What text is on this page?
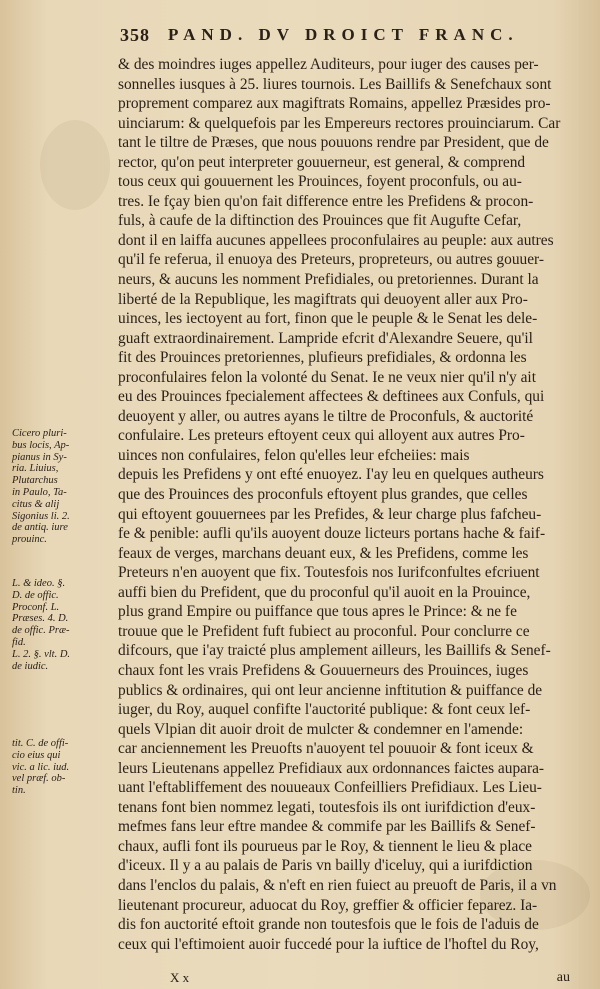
358 PAND. DV DROICT FRANC.
& des moindres iuges appellez Auditeurs, pour iuger des causes per-
sonnelles iusques à 25. liures tournois. Les Baillifs & Senefchaux sont
proprement comparez aux magiftrats Romains, appellez Præsides pro-
uinciarum: & quelquefois par les Empereurs rectores prouinciarum. Car
tant le tiltre de Præses, que nous pouuons rendre par President, que de
rector, qu'on peut interpreter gouuerneur, est general, & comprend
tous ceux qui gouuernent les Prouinces, foyent proconfuls, ou au-
tres. Ie fçay bien qu'on fait difference entre les Prefidens & procon-
fuls, à caufe de la diftinction des Prouinces que fit Augufte Cefar,
dont il en laiffa aucunes appellees proconfulaires au peuple: aux autres
qu'il fe referua, il enuoya des Preteurs, propreteurs, ou autres gouuer-
neurs, & aucuns les nomment Prefidiales, ou pretoriennes. Durant la
liberté de la Republique, les magiftrats qui deuoyent aller aux Pro-
uinces, les iectoyent au fort, finon que le peuple & le Senat les dele-
guaft extraordinairement. Lampride efcrit d'Alexandre Seuere, qu'il
fit des Prouinces pretoriennes, plufieurs prefidiales, & ordonna les
proconfulaires felon la volonté du Senat. Ie ne veux nier qu'il n'y ait
eu des Prouinces fpecialement affectees & deftinees aux Confuls, qui
deuoyent y aller, ou autres ayans le tiltre de Proconfuls, & auctorité
confulaire. Les preteurs eftoyent ceux qui alloyent aux autres Pro-
uinces non confulaires, felon qu'elles leur efcheiies: mais
depuis les Prefidens y ont efté enuoyez. I'ay leu en quelques autheurs
que des Prouinces des proconfuls eftoyent plus grandes, que celles
qui eftoyent gouuernees par les Prefides, & leur charge plus fafcheu-
fe & penible: aufli qu'ils auoyent douze licteurs portans hache & faif-
feaux de verges, marchans deuant eux, & les Prefidens, comme les
Preteurs n'en auoyent que fix. Toutesfois nos Iurifconfultes efcriuent
auffi bien du Prefident, que du proconful qu'il auoit en la Prouince,
plus grand Empire ou puiffance que tous apres le Prince: & ne fe
trouue que le Prefident fuft fubiect au proconful. Pour conclurre ce
difcours, que i'ay traicté plus amplement ailleurs, les Baillifs & Senef-
chaux font les vrais Prefidens & Gouuerneurs des Prouinces, iuges
publics & ordinaires, qui ont leur ancienne inftitution & puiffance de
iuger, du Roy, auquel confifte l'auctorité publique: & font ceux lef-
quels Vlpian dit auoir droit de mulcter & condemner en l'amende:
car anciennement les Preuofts n'auoyent tel pouuoir & font iceux &
leurs Lieutenans appellez Prefidiaux aux ordonnances faictes aupara-
uant l'eftabliffement des nouueaux Confeilliers Prefidiaux. Les Lieu-
tenans font bien nommez legati, toutesfois ils ont iurifdiction d'eux-
mefmes fans leur eftre mandee & commife par les Baillifs & Senef-
chaux, aufli font ils pourueus par le Roy, & tiennent le lieu & place
d'iceux. Il y a au palais de Paris vn bailly d'iceluy, qui a iurifdiction
dans l'enclos du palais, & n'eft en rien fuiect au preuoft de Paris, il a vn
lieutenant procureur, aduocat du Roy, greffier & officier feparez. Ia-
dis fon auctorité eftoit grande non toutesfois que le fois de l'aduis de
ceux qui l'eftimoient auoir fuccedé pour la iuftice de l'hoftel du Roy,
Cicero pluri-
bus locis, Ap-
pianus in Sy-
ria. Liuius,
Plutarchus
in Paulo, Ta-
citus & alij
Sigonius li. 2.
de antiq. iure
prouinc.
L. & ideo. §.
D. de offic.
Proconf. L.
Præses. 4. D.
de offic. Præ-
fid.
L. 2. §. vlt. D.
de iudic.
tit. C. de offi-
cio eius qui
vic. a lic. iud.
vel præf. ob-
tin.
X x	au
